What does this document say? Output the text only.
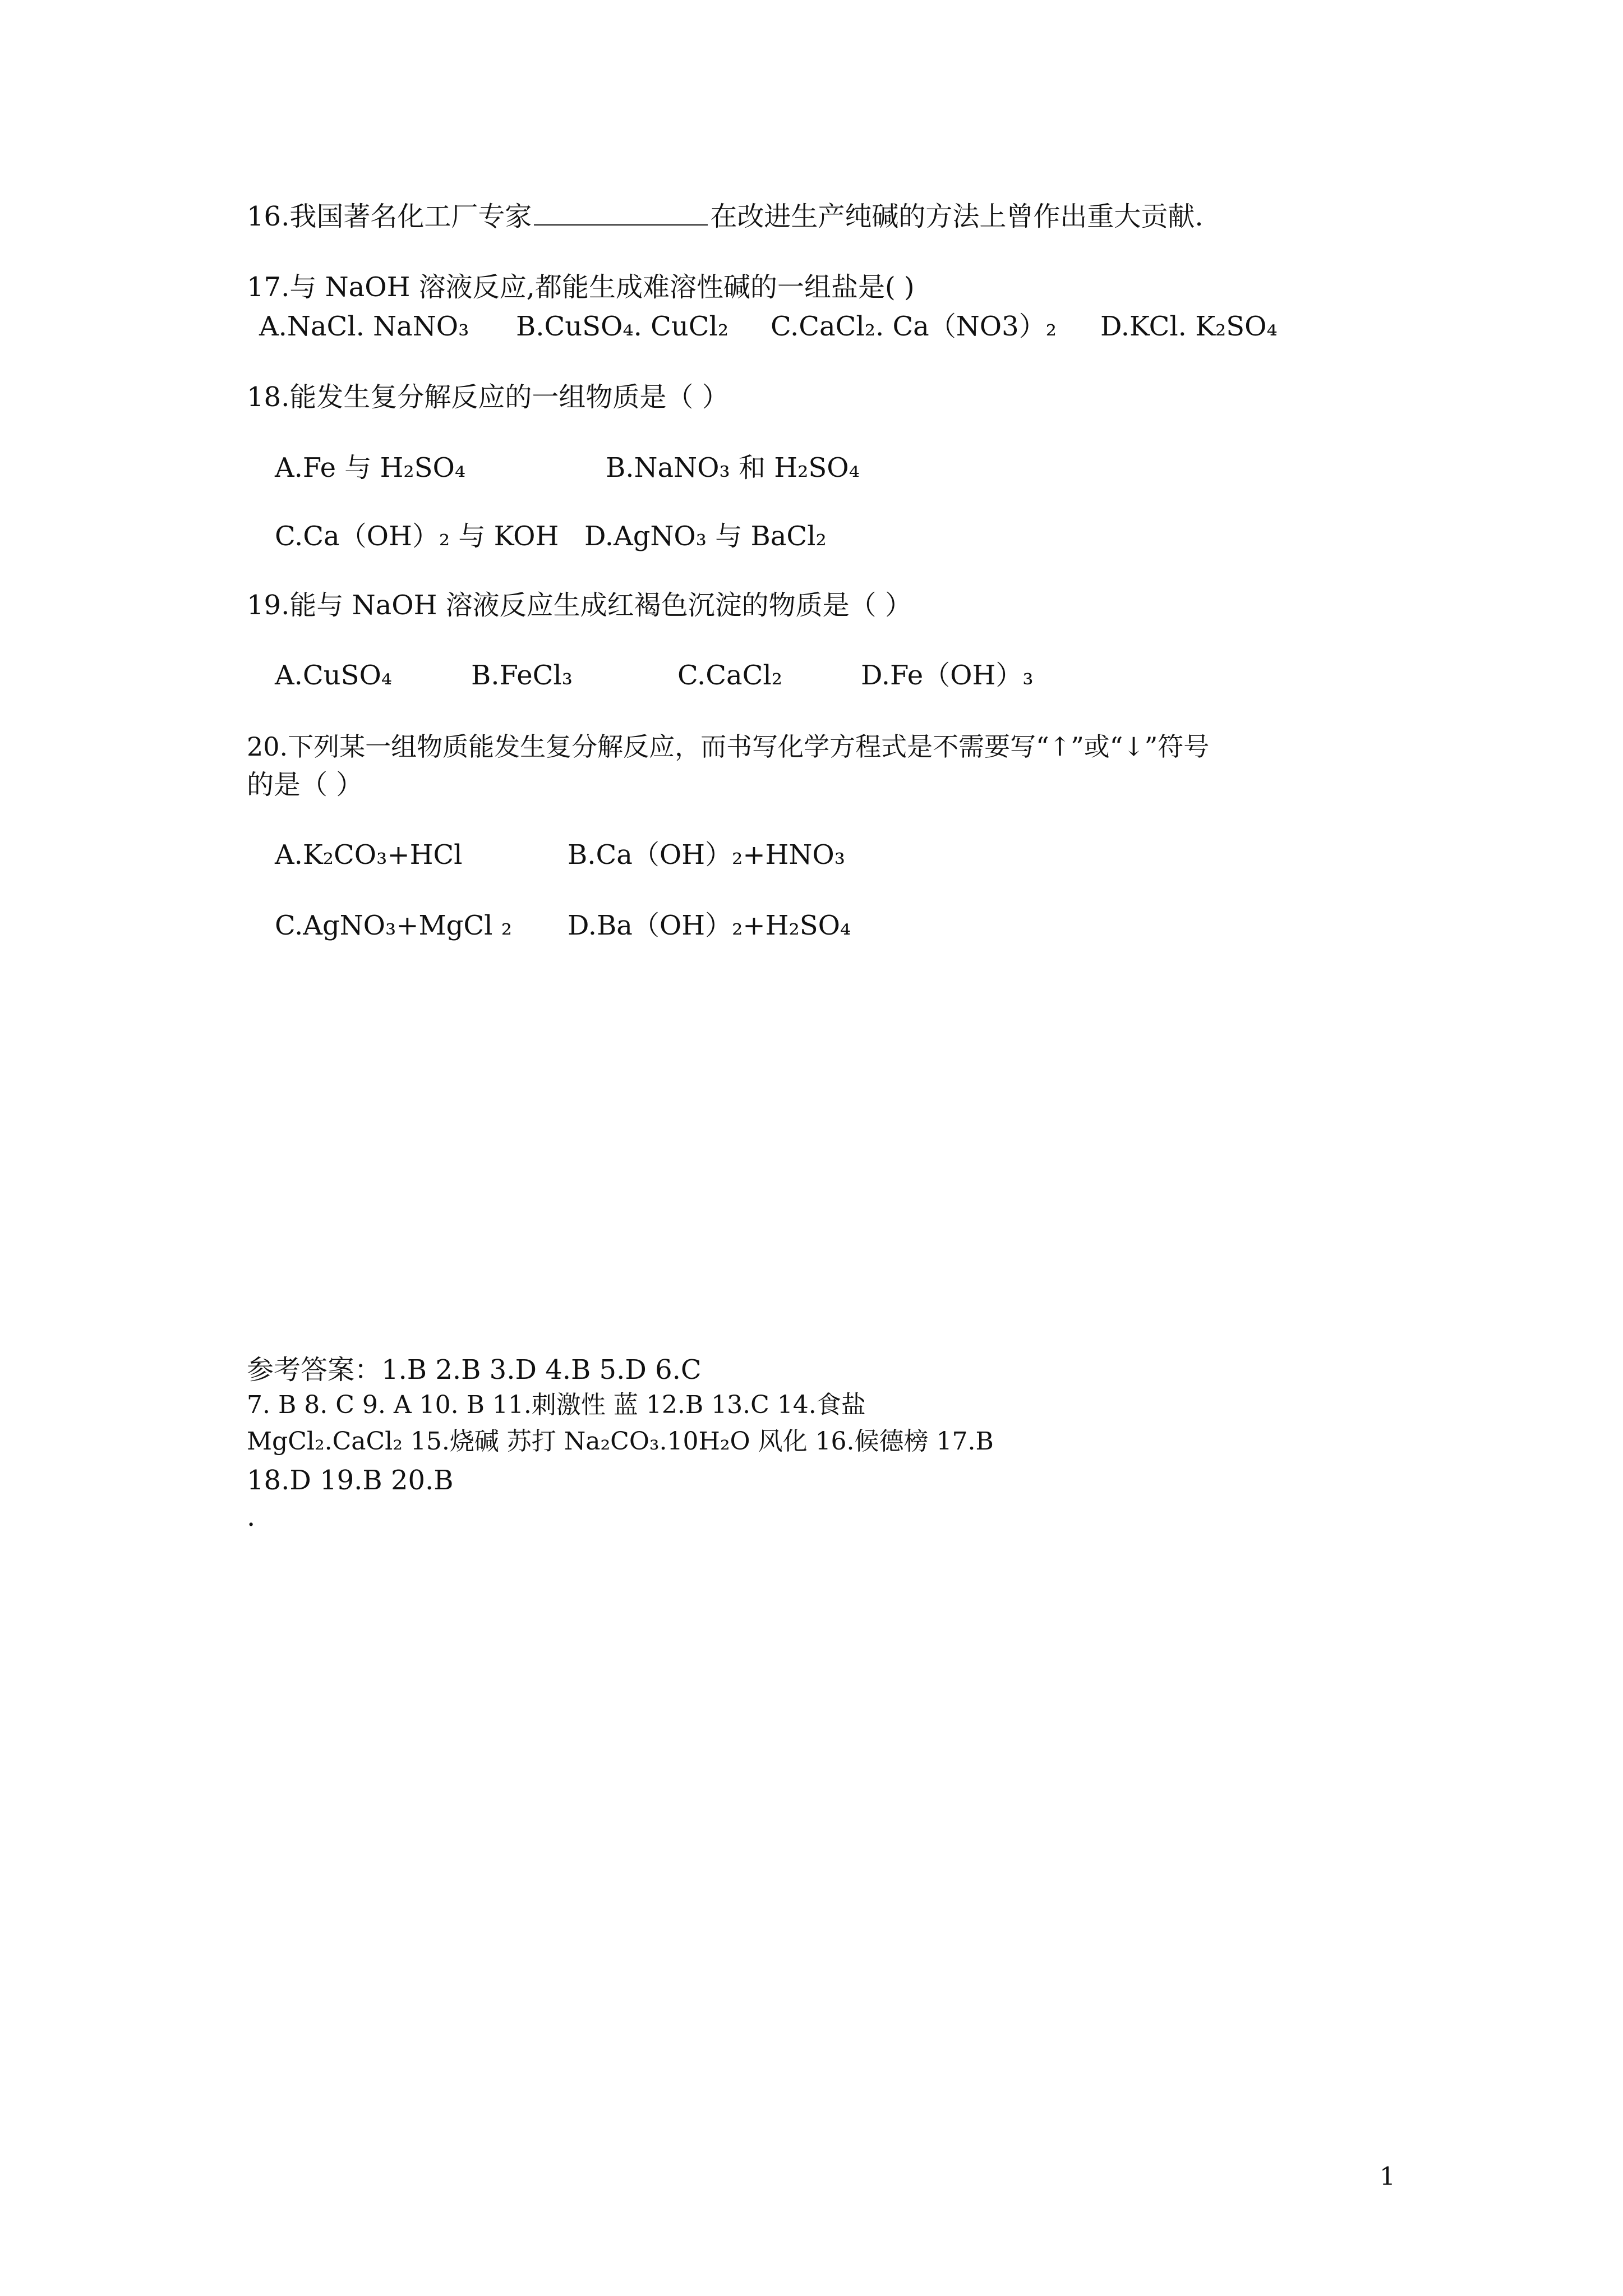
16.我国著名化工厂专家	在改进生产纯碱的方法上曾作出重大贡献.
17.与 NaOH 溶液反应,都能生成难溶性碱的一组盐是( )
A.NaCl. NaNO₃ B.CuSO₄. CuCl₂ C.CaCl₂. Ca（NO3）₂ D.KCl. K₂SO₄
18.能发生复分解反应的一组物质是（ ）
A.Fe 与 H₂SO₄	B.NaNO₃ 和 H₂SO₄
C.Ca（OH）₂ 与 KOH D.AgNO₃ 与 BaCl₂
19.能与 NaOH 溶液反应生成红褐色沉淀的物质是（ ）
A.CuSO₄	B.FeCl₃	C.CaCl₂	D.Fe（OH）₃
20.下列某一组物质能发生复分解反应，而书写化学方程式是不需要写“↑”或“↓”符号
的是（ ）
A.K₂CO₃+HCl	B.Ca（OH）₂+HNO₃
C.AgNO₃+MgCl ₂ D.Ba（OH）₂+H₂SO₄
参考答案：1.B 2.B 3.D 4.B 5.D 6.C
7. B 8. C 9. A 10. B 11.刺激性 蓝 12.B 13.C 14.食盐
MgCl₂.CaCl₂ 15.烧碱 苏打 Na₂CO₃.10H₂O 风化 16.候德榜 17.B
18.D 19.B 20.B
.
1
